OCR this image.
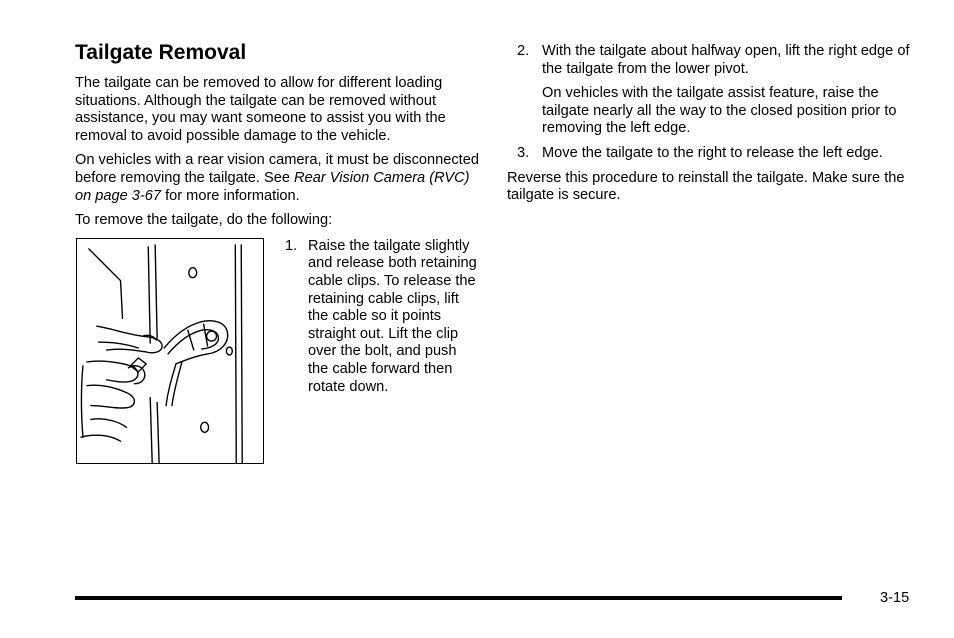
Tailgate Removal

The tailgate can be removed to allow for different loading situations. Although the tailgate can be removed without assistance, you may want someone to assist you with the removal to avoid possible damage to the vehicle.

On vehicles with a rear vision camera, it must be disconnected before removing the tailgate. See Rear Vision Camera (RVC) on page 3-67 for more information.

To remove the tailgate, do the following:

1. Raise the tailgate slightly and release both retaining cable clips. To release the retaining cable clips, lift the cable so it points straight out. Lift the clip over the bolt, and push the cable forward then rotate down.
2. With the tailgate about halfway open, lift the right edge of the tailgate from the lower pivot.

On vehicles with the tailgate assist feature, raise the tailgate nearly all the way to the closed position prior to removing the left edge.

3. Move the tailgate to the right to release the left edge.

Reverse this procedure to reinstall the tailgate. Make sure the tailgate is secure.

3-15
